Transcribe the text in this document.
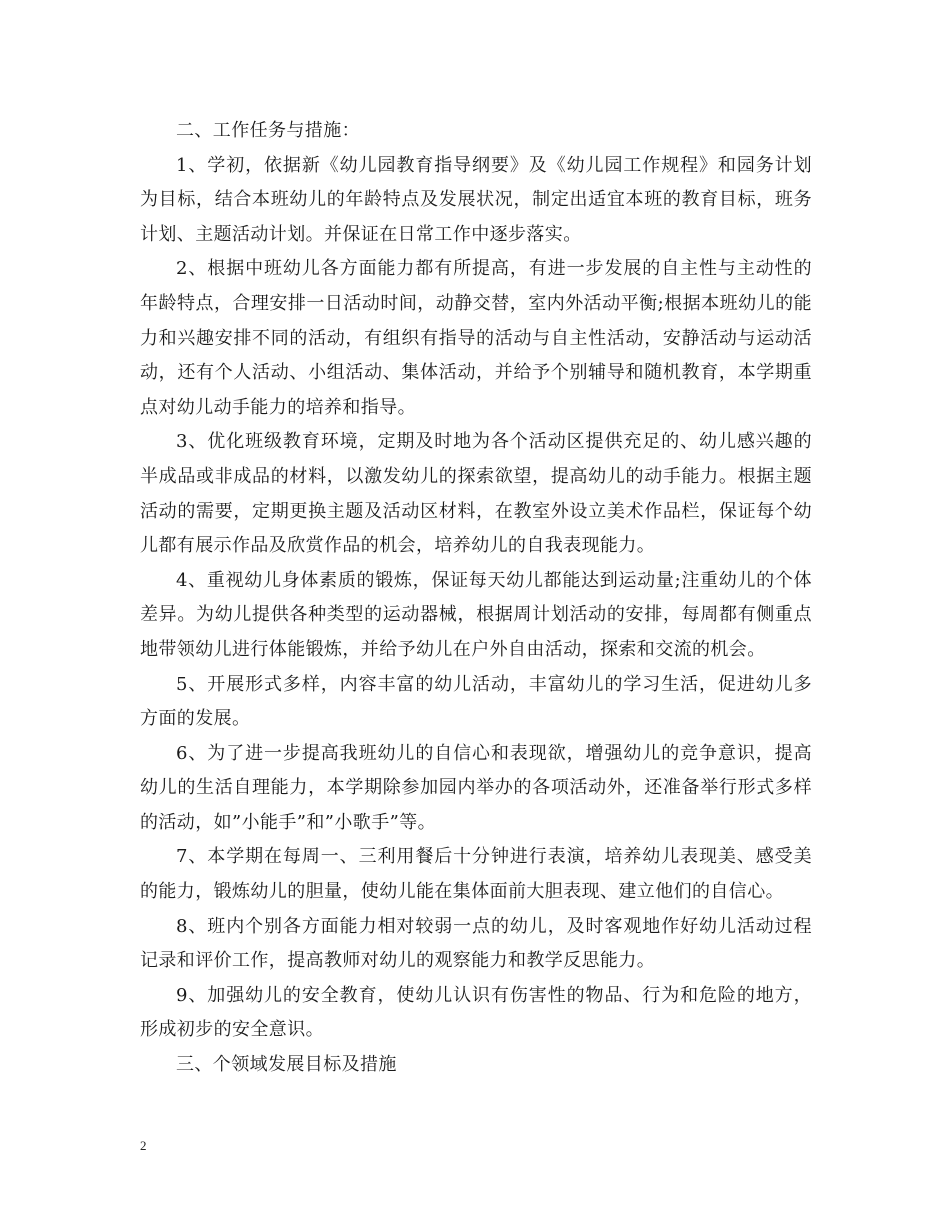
二、工作任务与措施：

1、学初，依据新《幼儿园教育指导纲要》及《幼儿园工作规程》和园务计划为目标，结合本班幼儿的年龄特点及发展状况，制定出适宜本班的教育目标，班务计划、主题活动计划。并保证在日常工作中逐步落实。

2、根据中班幼儿各方面能力都有所提高，有进一步发展的自主性与主动性的年龄特点，合理安排一日活动时间，动静交替，室内外活动平衡;根据本班幼儿的能力和兴趣安排不同的活动，有组织有指导的活动与自主性活动，安静活动与运动活动，还有个人活动、小组活动、集体活动，并给予个别辅导和随机教育，本学期重点对幼儿动手能力的培养和指导。

3、优化班级教育环境，定期及时地为各个活动区提供充足的、幼儿感兴趣的半成品或非成品的材料，以激发幼儿的探索欲望，提高幼儿的动手能力。根据主题活动的需要，定期更换主题及活动区材料，在教室外设立美术作品栏，保证每个幼儿都有展示作品及欣赏作品的机会，培养幼儿的自我表现能力。

4、重视幼儿身体素质的锻炼，保证每天幼儿都能达到运动量;注重幼儿的个体差异。为幼儿提供各种类型的运动器械，根据周计划活动的安排，每周都有侧重点地带领幼儿进行体能锻炼，并给予幼儿在户外自由活动，探索和交流的机会。

5、开展形式多样，内容丰富的幼儿活动，丰富幼儿的学习生活，促进幼儿多方面的发展。

6、为了进一步提高我班幼儿的自信心和表现欲，增强幼儿的竞争意识，提高幼儿的生活自理能力，本学期除参加园内举办的各项活动外，还准备举行形式多样的活动，如”小能手”和”小歌手”等。

7、本学期在每周一、三利用餐后十分钟进行表演，培养幼儿表现美、感受美的能力，锻炼幼儿的胆量，使幼儿能在集体面前大胆表现、建立他们的自信心。

8、班内个别各方面能力相对较弱一点的幼儿，及时客观地作好幼儿活动过程记录和评价工作，提高教师对幼儿的观察能力和教学反思能力。

9、加强幼儿的安全教育，使幼儿认识有伤害性的物品、行为和危险的地方，形成初步的安全意识。

三、个领域发展目标及措施

2
